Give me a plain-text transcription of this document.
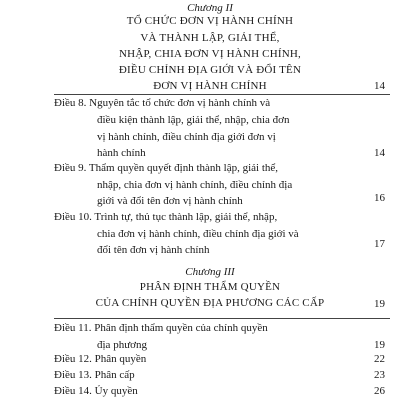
Chương II
TỔ CHỨC ĐƠN VỊ HÀNH CHÍNH
VÀ THÀNH LẬP, GIẢI THỂ,
NHẬP, CHIA ĐƠN VỊ HÀNH CHÍNH,
ĐIỀU CHỈNH ĐỊA GIỚI VÀ ĐỔI TÊN
ĐƠN VỊ HÀNH CHÍNH	14
Điều 8. Nguyên tắc tổ chức đơn vị hành chính và
điều kiện thành lập, giải thể, nhập, chia đơn
vị hành chính, điều chỉnh địa giới đơn vị
hành chính	14
Điều 9. Thẩm quyền quyết định thành lập, giải thể,
nhập, chia đơn vị hành chính, điều chỉnh địa
giới và đổi tên đơn vị hành chính	16
Điều 10. Trình tự, thủ tục thành lập, giải thể, nhập,
chia đơn vị hành chính, điều chỉnh địa giới và
đổi tên đơn vị hành chính	17
Chương III
PHÂN ĐỊNH THẨM QUYỀN
CỦA CHÍNH QUYỀN ĐỊA PHƯƠNG CÁC CẤP	19
Điều 11. Phân định thẩm quyền của chính quyền
địa phương	19
Điều 12. Phân quyền	22
Điều 13. Phân cấp	23
Điều 14. Ủy quyền	26
